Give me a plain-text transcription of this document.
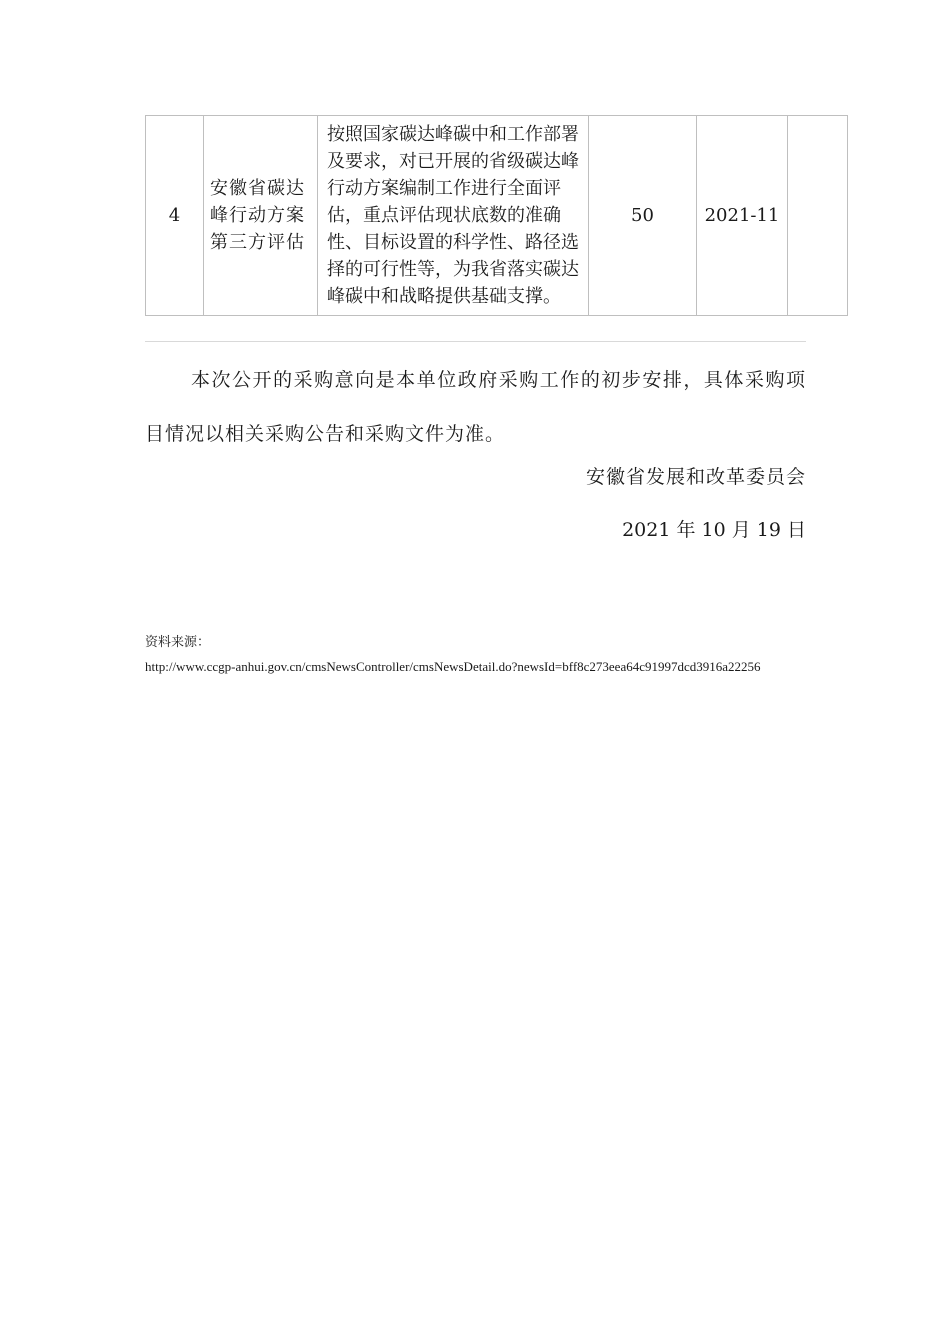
4	安徽省碳达峰行动方案第三方评估	按照国家碳达峰碳中和工作部署及要求，对已开展的省级碳达峰行动方案编制工作进行全面评估，重点评估现状底数的准确性、目标设置的科学性、路径选择的可行性等，为我省落实碳达峰碳中和战略提供基础支撑。	50	2021-11	
本次公开的采购意向是本单位政府采购工作的初步安排，具体采购项目情况以相关采购公告和采购文件为准。
安徽省发展和改革委员会
2021 年 10 月 19 日
资料来源：
http://www.ccgp-anhui.gov.cn/cmsNewsController/cmsNewsDetail.do?newsId=bff8c273eea64c91997dcd3916a22256
